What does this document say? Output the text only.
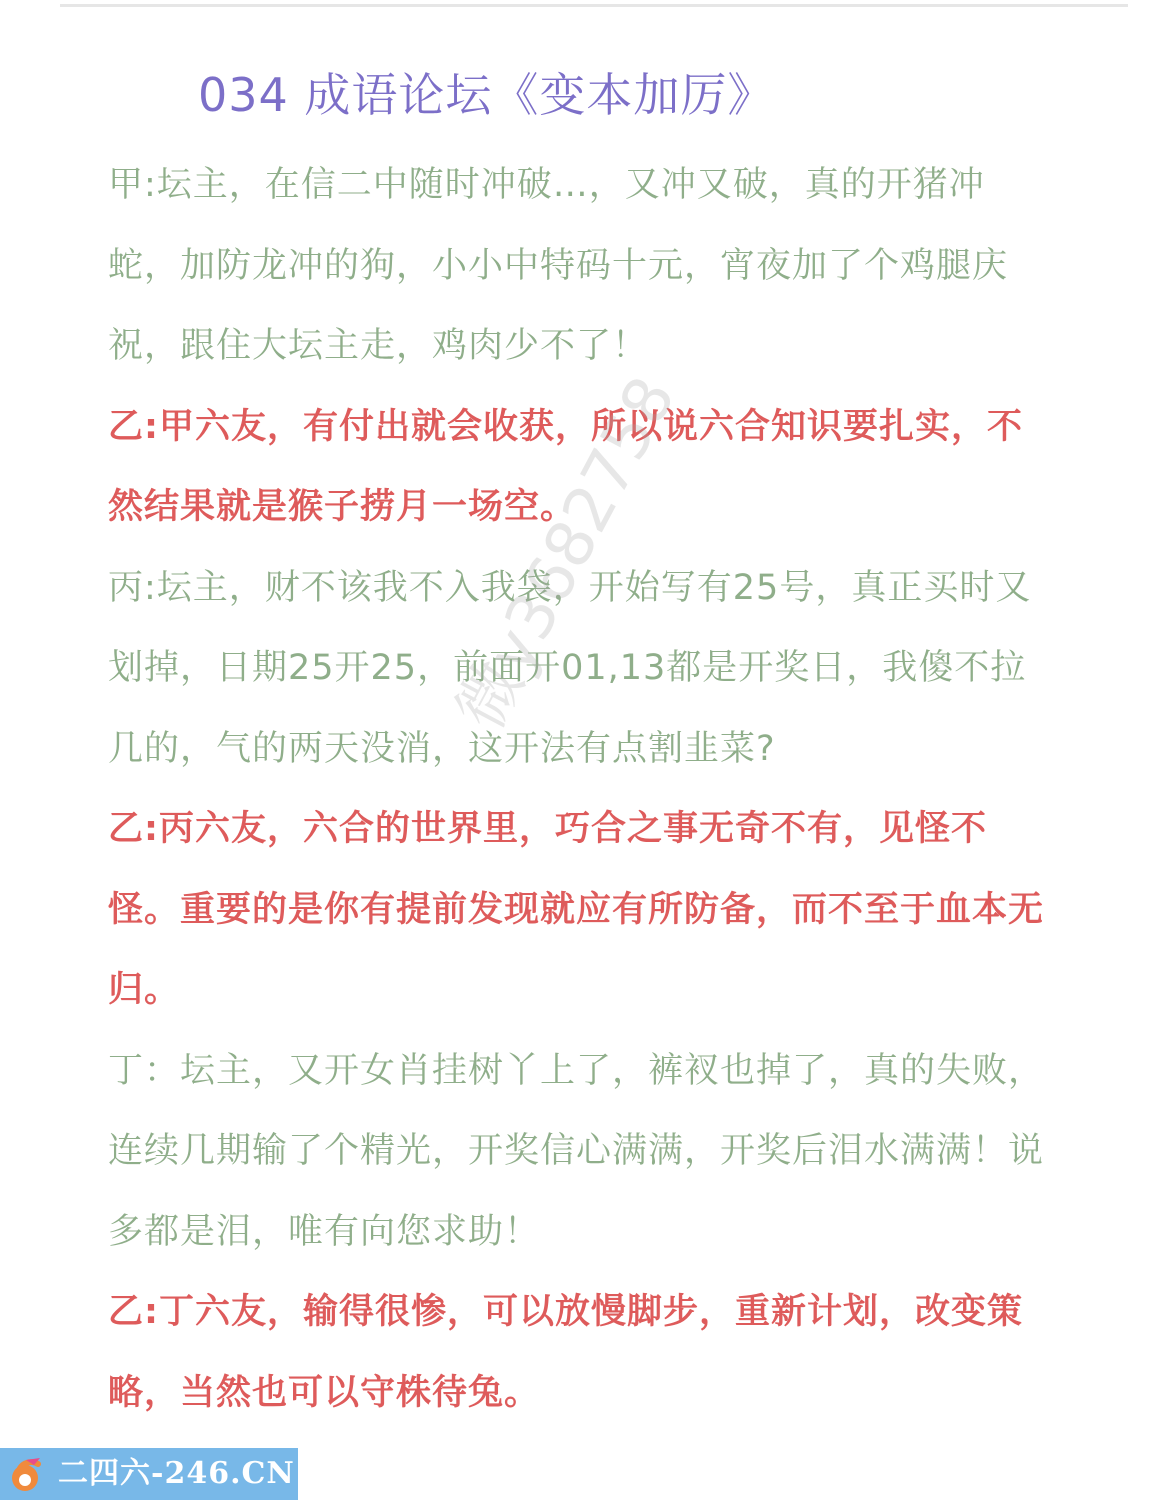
034 成语论坛《变本加厉》

甲:坛主，在信二中随时冲破…，又冲又破，真的开猪冲蛇，加防龙冲的狗，小小中特码十元，宵夜加了个鸡腿庆祝，跟住大坛主走，鸡肉少不了！

乙:甲六友，有付出就会收获，所以说六合知识要扎实，不然结果就是猴子捞月一场空。

丙:坛主，财不该我不入我袋，开始写有25号，真正买时又划掉，日期25开25，前面开01,13都是开奖日，我傻不拉几的，气的两天没消，这开法有点割韭菜?

乙:丙六友，六合的世界里，巧合之事无奇不有，见怪不怪。重要的是你有提前发现就应有所防备，而不至于血本无归。

丁：坛主，又开女肖挂树丫上了，裤衩也掉了，真的失败，连续几期输了个精光，开奖信心满满，开奖后泪水满满！说多都是泪，唯有向您求助！

乙:丁六友，输得很惨，可以放慢脚步，重新计划，改变策略，当然也可以守株待兔。

微y3682758
二四六-246.CN
